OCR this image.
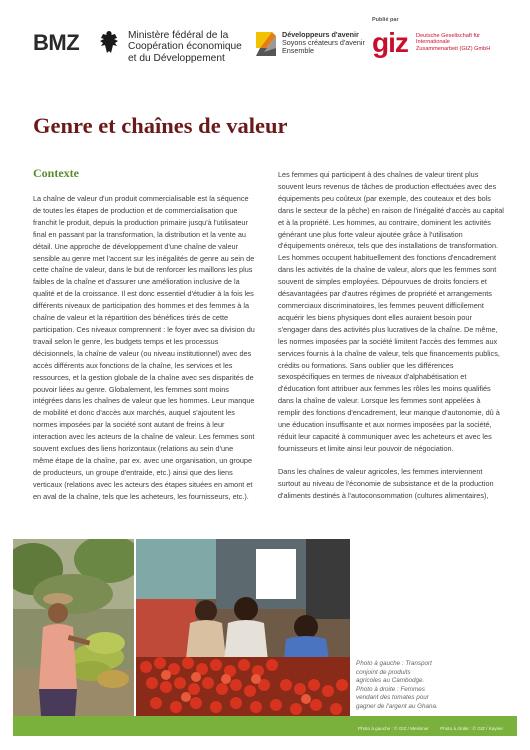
BMZ	Ministère fédéral de la
Coopération économique
et du Développement
Développeurs d'avenir
Soyons créateurs d'avenir
Ensemble
Publié par
giz Deutsche Gesellschaft für
Internationale
Zusammenarbeit (GIZ) GmbH
Genre et chaînes de valeur
Contexte

La chaîne de valeur d'un produit commercialisable est la séquence de toutes les étapes de production et de commercialisation que franchit le produit, depuis la production primaire jusqu'à l'utilisateur final en passant par la transformation, la distribution et la vente au détail. Une approche de développement d'une chaîne de valeur sensible au genre met l'accent sur les inégalités de genre au sein de cette chaîne de valeur, dans le but de renforcer les maillons les plus faibles de la chaîne et d'assurer une amélioration inclusive de la qualité et de la croissance. Il est donc essentiel d'étudier à la fois les différents niveaux de participation des hommes et des femmes à la chaîne de valeur et la répartition des bénéfices tirés de cette participation. Ces niveaux comprennent : le foyer avec sa division du travail selon le genre, les budgets temps et les processus décisionnels, la chaîne de valeur (ou niveau institutionnel) avec des accès différents aux fonctions de la chaîne, les services et les ressources, et la gestion globale de la chaîne avec ses disparités de pouvoir liées au genre. Globalement, les femmes sont moins intégrées dans les chaînes de valeur que les hommes. Leur manque de mobilité et donc d'accès aux marchés, auquel s'ajoutent les normes imposées par la société sont autant de freins à leur interaction avec les acteurs de la chaîne de valeur. Les femmes sont souvent exclues des liens horizontaux (relations au sein d'une même étape de la chaîne, par ex. avec une organisation, un groupe de producteurs, un groupe d'entraide, etc.) ainsi que des liens verticaux (relations avec les acteurs des étapes situées en amont et en aval de la chaîne, tels que les acheteurs, les fournisseurs, etc.).

Les femmes qui participent à des chaînes de valeur tirent plus souvent leurs revenus de tâches de production effectuées avec des équipements peu coûteux (par exemple, des couteaux et des bols dans le secteur de la pêche) en raison de l'inégalité d'accès au capital et à la propriété. Les hommes, au contraire, dominent les activités générant une plus forte valeur ajoutée grâce à l'utilisation d'équipements onéreux, tels que des installations de transformation. Les hommes occupent habituellement des fonctions d'encadrement dans les activités de la chaîne de valeur, alors que les femmes sont souvent de simples employées. Dépourvues de droits fonciers et désavantagées par d'autres régimes de propriété et arrangements commerciaux discriminatoires, les femmes peuvent difficilement acquérir les biens physiques dont elles auraient besoin pour s'engager dans des activités plus lucratives de la chaîne. De même, les normes imposées par la société limitent l'accès des femmes aux services fournis à la chaîne de valeur, tels que financements publics, crédits ou formations. Sans oublier que les différences sexospécifiques en termes de niveaux d'alphabétisation et d'éducation font attribuer aux femmes les rôles les moins qualifiés dans la chaîne de valeur. Lorsque les femmes sont appelées à remplir des fonctions d'encadrement, leur manque d'autonomie, dû à une éducation insuffisante et aux normes imposées par la société, réduit leur capacité à communiquer avec les acheteurs et avec les fournisseurs et limite ainsi leur pouvoir de négociation.

Dans les chaînes de valeur agricoles, les femmes interviennent surtout au niveau de l'économie de subsistance et de la production d'aliments destinés à l'autoconsommation (cultures alimentaires),

Photo à gauche : Transport
conjoint de produits
agricoles au Cambodge.
Photo à droite : Femmes
vendant des tomates pour
gagner de l'argent au Ghana.
Photo à gauche : © GIZ / Meissner Photo à droite : © GIZ / Kayser
